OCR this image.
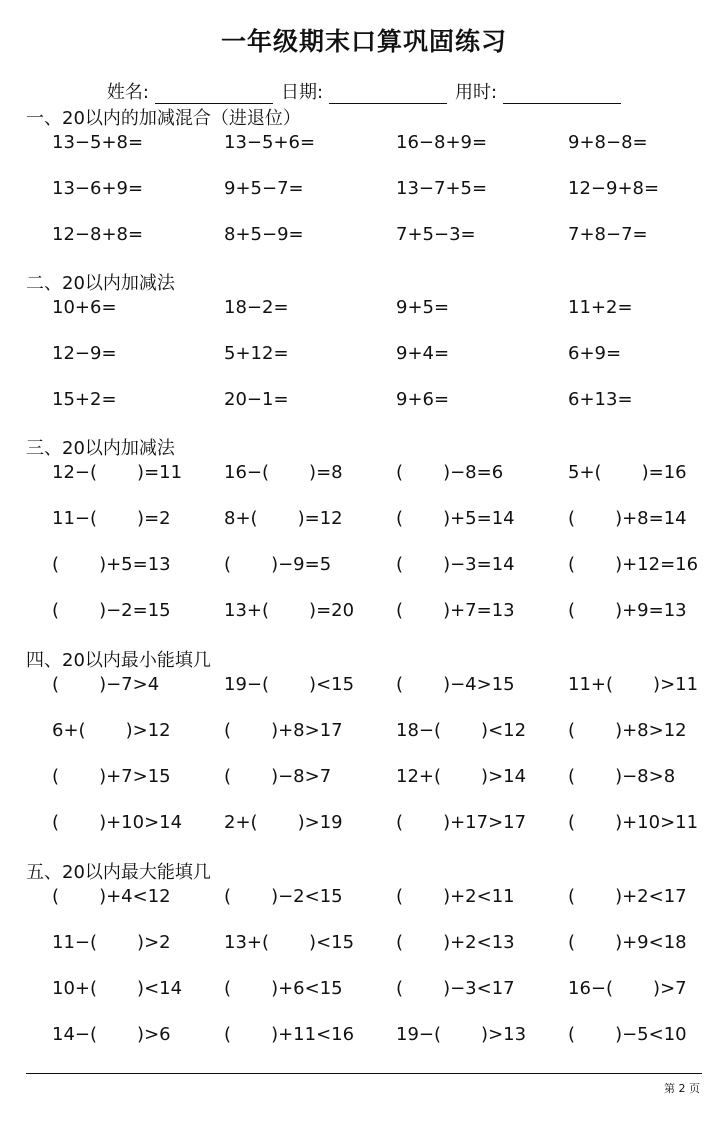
一年级期末口算巩固练习
姓名:	日期:	用时:
一、20以内的加减混合（进退位）
13−5+8=	13−5+6=	16−8+9=	9+8−8=
13−6+9=	9+5−7=	13−7+5=	12−9+8=
12−8+8=	8+5−9=	7+5−3=	7+8−7=
二、20以内加减法
10+6=	18−2=	9+5=	11+2=
12−9=	5+12=	9+4=	6+9=
15+2=	20−1=	9+6=	6+13=
三、20以内加减法
12−(       )=11	16−(       )=8	(       )−8=6	5+(       )=16
11−(       )=2	8+(       )=12	(       )+5=14	(       )+8=14
(       )+5=13	(       )−9=5	(       )−3=14	(       )+12=16
(       )−2=15	13+(       )=20	(       )+7=13	(       )+9=13
四、20以内最小能填几
(       )−7>4	19−(       )<15	(       )−4>15	11+(       )>11
6+(       )>12	(       )+8>17	18−(       )<12	(       )+8>12
(       )+7>15	(       )−8>7	12+(       )>14	(       )−8>8
(       )+10>14	2+(       )>19	(       )+17>17	(       )+10>11
五、20以内最大能填几
(       )+4<12	(       )−2<15	(       )+2<11	(       )+2<17
11−(       )>2	13+(       )<15	(       )+2<13	(       )+9<18
10+(       )<14	(       )+6<15	(       )−3<17	16−(       )>7
14−(       )>6	(       )+11<16	19−(       )>13	(       )−5<10
第 2 页
